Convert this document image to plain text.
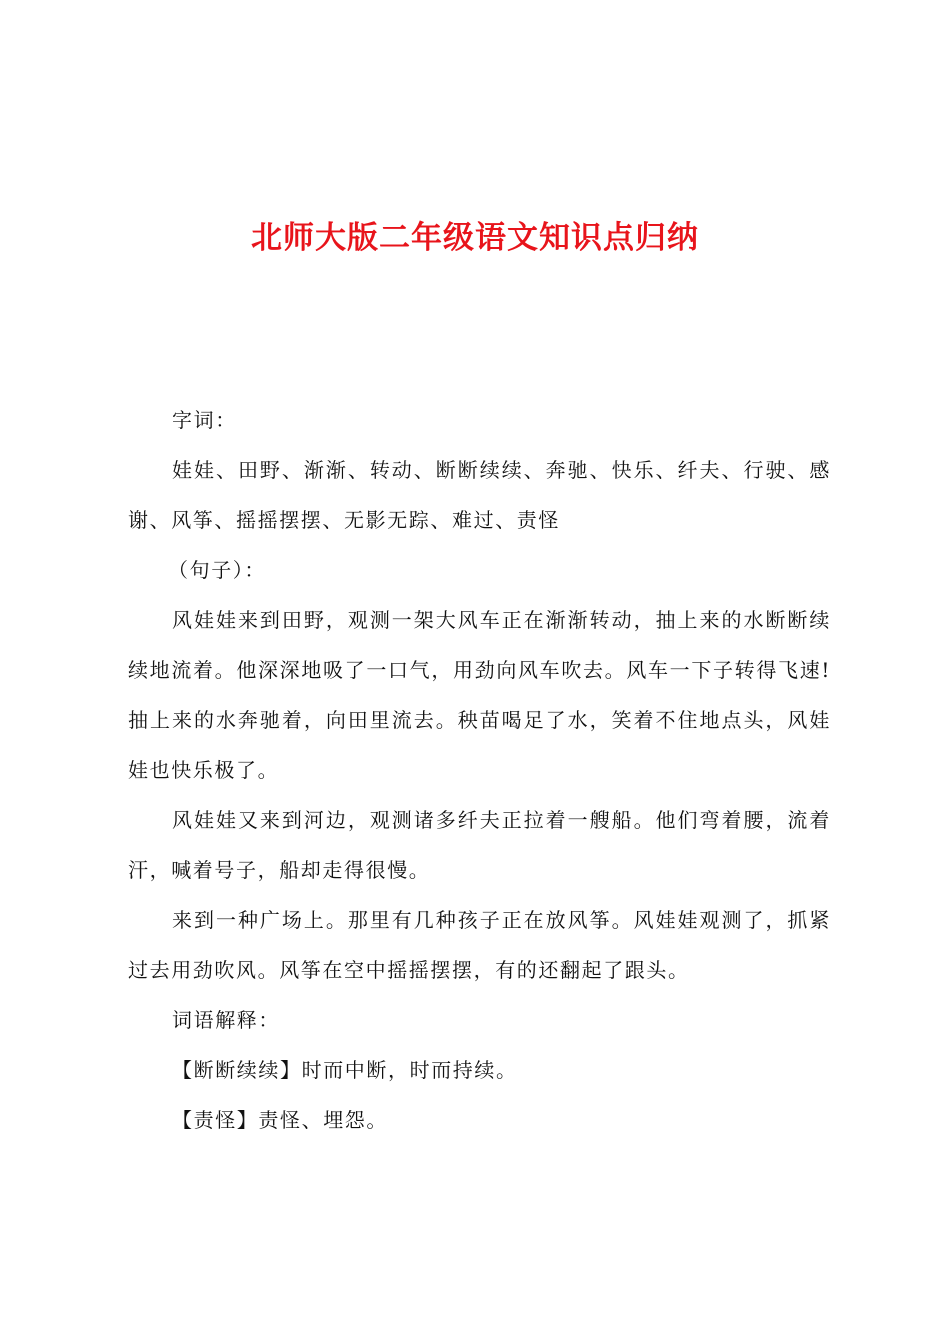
北师大版二年级语文知识点归纳

字词：

娃娃、田野、渐渐、转动、断断续续、奔驰、快乐、纤夫、行驶、感谢、风筝、摇摇摆摆、无影无踪、难过、责怪

（句子）：

风娃娃来到田野，观测一架大风车正在渐渐转动，抽上来的水断断续续地流着。他深深地吸了一口气，用劲向风车吹去。风车一下子转得飞速!抽上来的水奔驰着，向田里流去。秧苗喝足了水，笑着不住地点头，风娃娃也快乐极了。

风娃娃又来到河边，观测诸多纤夫正拉着一艘船。他们弯着腰，流着汗，喊着号子，船却走得很慢。

来到一种广场上。那里有几种孩子正在放风筝。风娃娃观测了，抓紧过去用劲吹风。风筝在空中摇摇摆摆，有的还翻起了跟头。

词语解释：

【断断续续】时而中断，时而持续。

【责怪】责怪、埋怨。
